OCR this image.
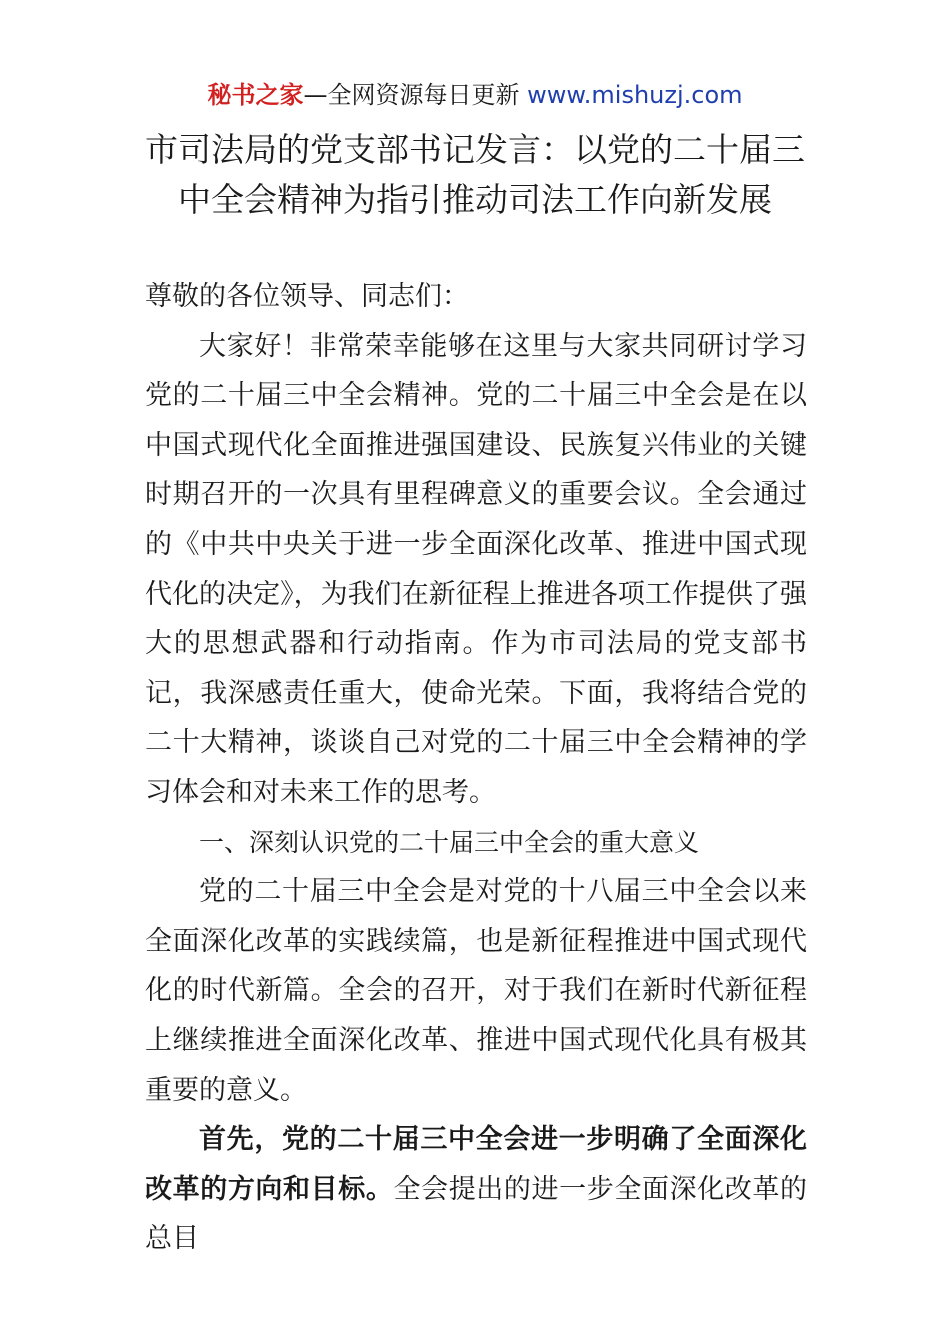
秘书之家—全网资源每日更新 www.mishuzj.com
市司法局的党支部书记发言：以党的二十届三
中全会精神为指引推动司法工作向新发展

尊敬的各位领导、同志们：

大家好！非常荣幸能够在这里与大家共同研讨学习党的二十届三中全会精神。党的二十届三中全会是在以中国式现代化全面推进强国建设、民族复兴伟业的关键时期召开的一次具有里程碑意义的重要会议。全会通过的《中共中央关于进一步全面深化改革、推进中国式现代化的决定》，为我们在新征程上推进各项工作提供了强大的思想武器和行动指南。作为市司法局的党支部书记，我深感责任重大，使命光荣。下面，我将结合党的二十大精神，谈谈自己对党的二十届三中全会精神的学习体会和对未来工作的思考。

一、深刻认识党的二十届三中全会的重大意义

党的二十届三中全会是对党的十八届三中全会以来全面深化改革的实践续篇，也是新征程推进中国式现代化的时代新篇。全会的召开，对于我们在新时代新征程上继续推进全面深化改革、推进中国式现代化具有极其重要的意义。

首先，党的二十届三中全会进一步明确了全面深化改革的方向和目标。全会提出的进一步全面深化改革的总目
